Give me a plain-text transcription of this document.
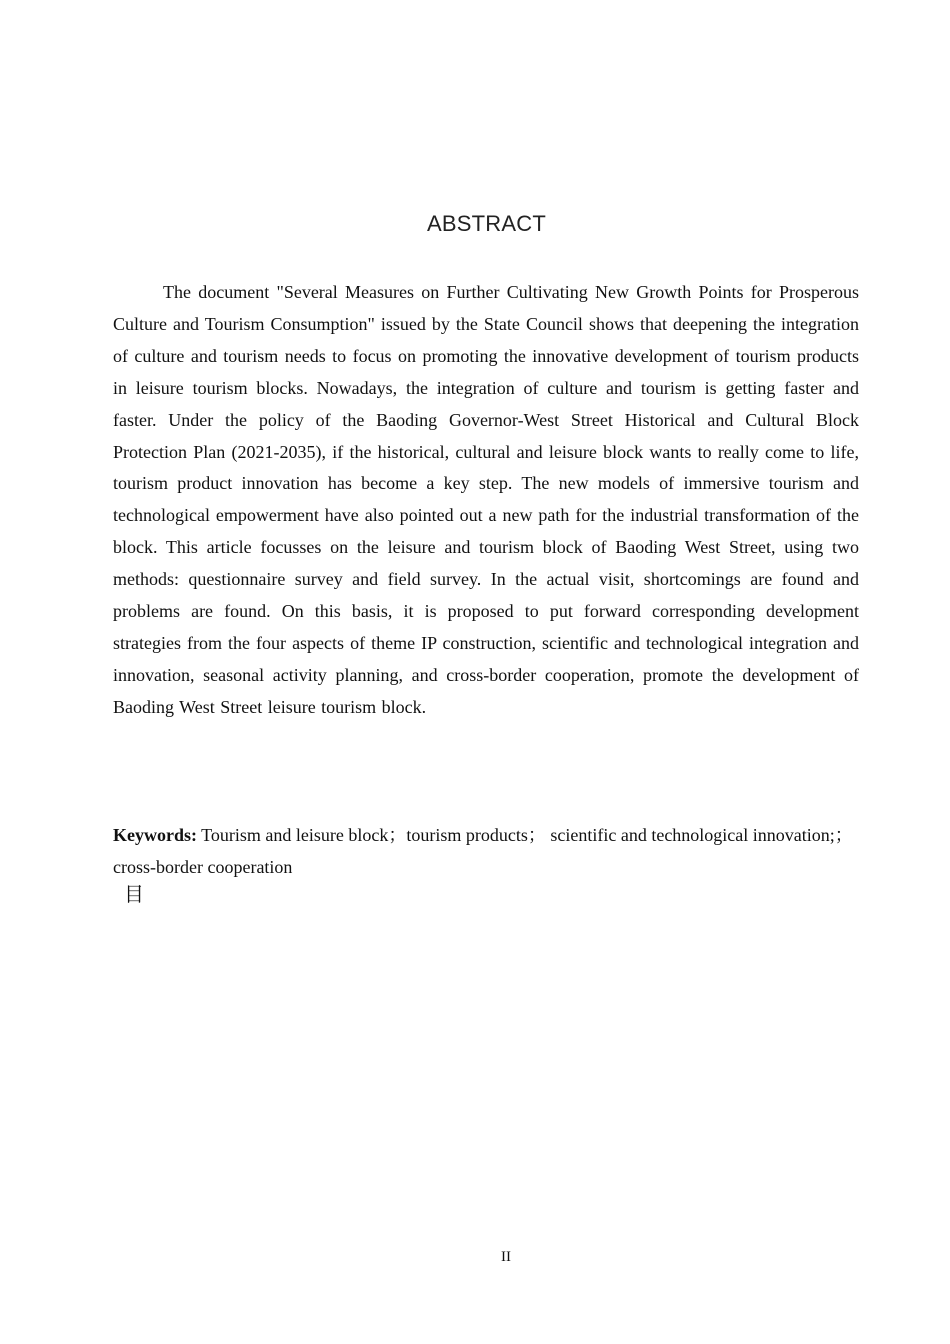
ABSTRACT

The document "Several Measures on Further Cultivating New Growth Points for Prosperous Culture and Tourism Consumption" issued by the State Council shows that deepening the integration of culture and tourism needs to focus on promoting the innovative development of tourism products in leisure tourism blocks. Nowadays, the integration of culture and tourism is getting faster and faster. Under the policy of the Baoding Governor-West Street Historical and Cultural Block Protection Plan (2021-2035), if the historical, cultural and leisure block wants to really come to life, tourism product innovation has become a key step. The new models of immersive tourism and technological empowerment have also pointed out a new path for the industrial transformation of the block. This article focusses on the leisure and tourism block of Baoding West Street, using two methods: questionnaire survey and field survey. In the actual visit, shortcomings are found and problems are found. On this basis, it is proposed to put forward corresponding development strategies from the four aspects of theme IP construction, scientific and technological integration and innovation, seasonal activity planning, and cross-border cooperation, promote the development of Baoding West Street leisure tourism block.

Keywords: Tourism and leisure block；tourism products； scientific and technological innovation;；cross-border cooperation

目
II
